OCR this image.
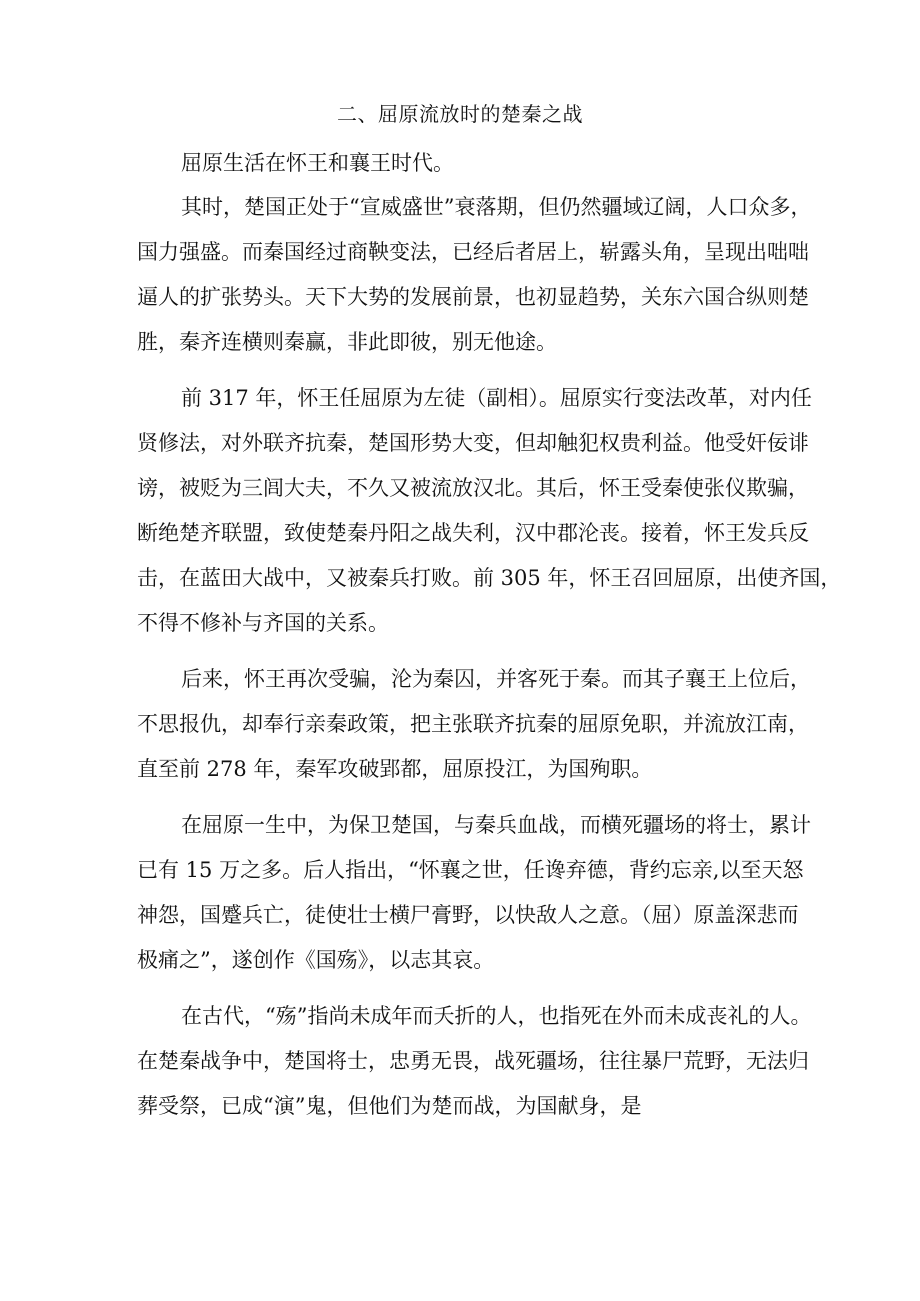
二、屈原流放时的楚秦之战
屈原生活在怀王和襄王时代。
其时，楚国正处于“宣威盛世”衰落期，但仍然疆域辽阔，人口众多，
国力强盛。而秦国经过商鞅变法，已经后者居上，崭露头角，呈现出咄咄
逼人的扩张势头。天下大势的发展前景，也初显趋势，关东六国合纵则楚
胜，秦齐连横则秦赢，非此即彼，别无他途。
前 317 年，怀王任屈原为左徒（副相）。屈原实行变法改革，对内任
贤修法，对外联齐抗秦，楚国形势大变，但却触犯权贵利益。他受奸佞诽
谤，被贬为三闾大夫，不久又被流放汉北。其后，怀王受秦使张仪欺骗，
断绝楚齐联盟，致使楚秦丹阳之战失利，汉中郡沦丧。接着，怀王发兵反
击，在蓝田大战中，又被秦兵打败。前 305 年，怀王召回屈原，出使齐国，
不得不修补与齐国的关系。
后来，怀王再次受骗，沦为秦囚，并客死于秦。而其子襄王上位后，
不思报仇，却奉行亲秦政策，把主张联齐抗秦的屈原免职，并流放江南，
直至前 278 年，秦军攻破郢都，屈原投江，为国殉职。
在屈原一生中，为保卫楚国，与秦兵血战，而横死疆场的将士，累计
已有 15 万之多。后人指出，“怀襄之世，任谗弃德，背约忘亲,以至天怒
神怨，国蹙兵亡，徒使壮士横尸膏野，以快敌人之意。（屈）原盖深悲而
极痛之”，遂创作《国殇》，以志其哀。
在古代，“殇”指尚未成年而夭折的人，也指死在外而未成丧礼的人。
在楚秦战争中，楚国将士，忠勇无畏，战死疆场，往往暴尸荒野，无法归
葬受祭，已成“演”鬼，但他们为楚而战，为国献身，是
